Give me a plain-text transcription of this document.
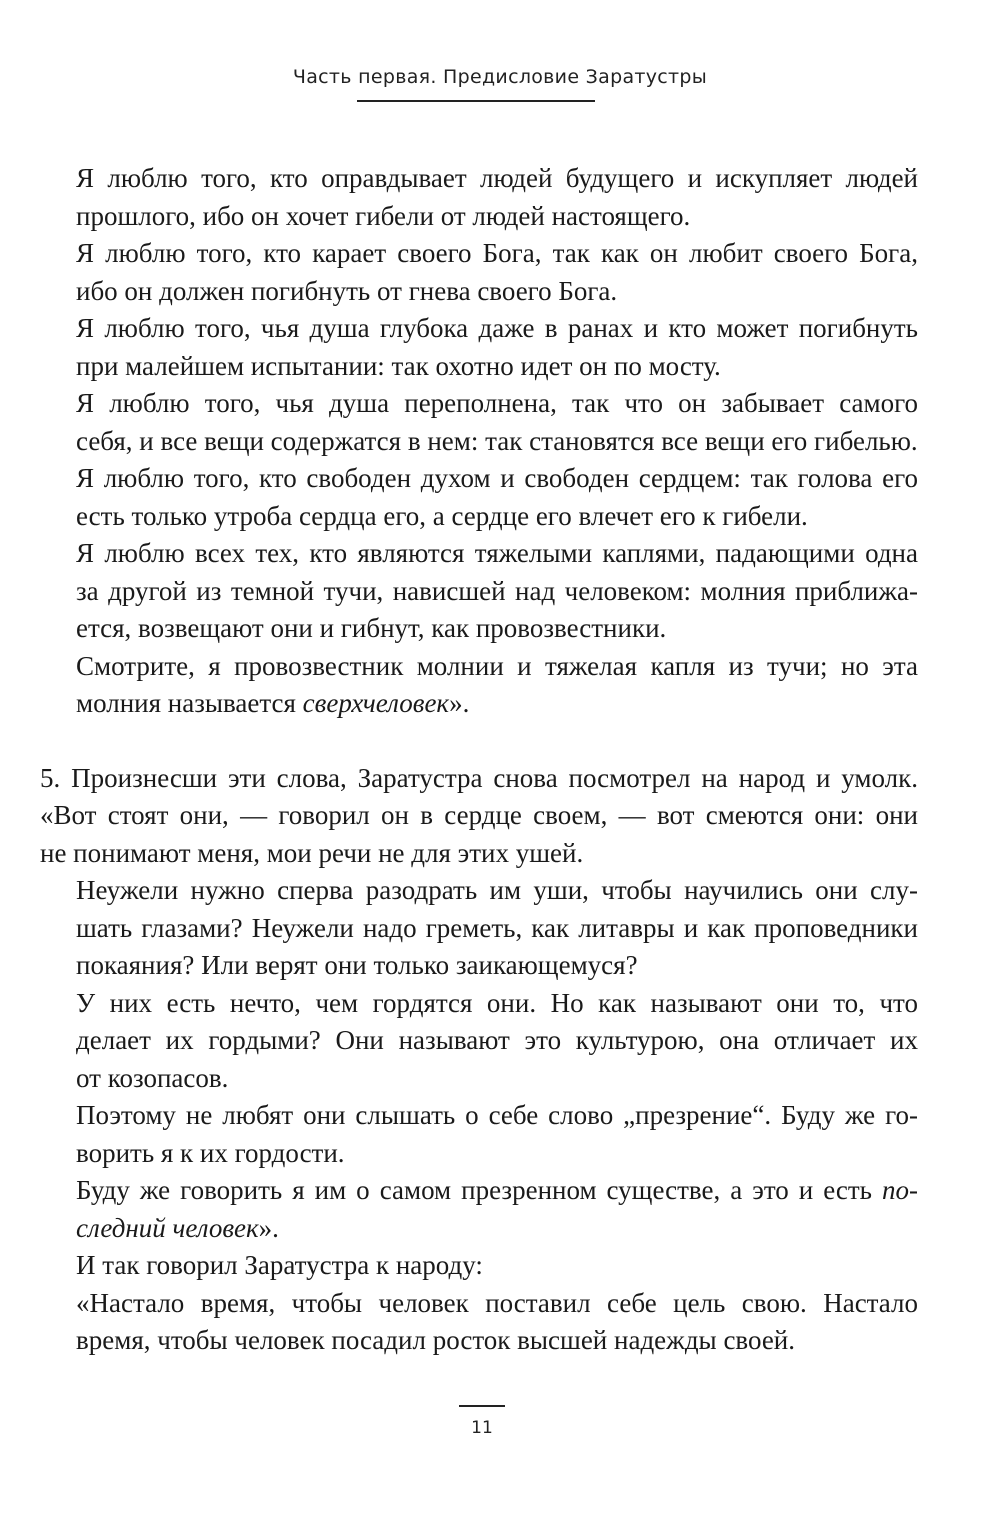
Часть первая. Предисловие Заратустры

Я люблю того, кто оправдывает людей будущего и искупляет людей
прошлого, ибо он хочет гибели от людей настоящего.

Я люблю того, кто карает своего Бога, так как он любит своего Бога,
ибо он должен погибнуть от гнева своего Бога.

Я люблю того, чья душа глубока даже в ранах и кто может погибнуть
при малейшем испытании: так охотно идет он по мосту.

Я люблю того, чья душа переполнена, так что он забывает самого
себя, и все вещи содержатся в нем: так становятся все вещи его гибелью.

Я люблю того, кто свободен духом и свободен сердцем: так голова его
есть только утроба сердца его, а сердце его влечет его к гибели.

Я люблю всех тех, кто являются тяжелыми каплями, падающими одна
за другой из темной тучи, нависшей над человеком: молния приближа-
ется, возвещают они и гибнут, как провозвестники.

Смотрите, я провозвестник молнии и тяжелая капля из тучи; но эта
молния называется сверхчеловек».

5. Произнесши эти слова, Заратустра снова посмотрел на народ и умолк.
«Вот стоят они, — говорил он в сердце своем, — вот смеются они: они
не понимают меня, мои речи не для этих ушей.

Неужели нужно сперва разодрать им уши, чтобы научились они слу-
шать глазами? Неужели надо греметь, как литавры и как проповедники
покаяния? Или верят они только заикающемуся?

У них есть нечто, чем гордятся они. Но как называют они то, что
делает их гордыми? Они называют это культурою, она отличает их
от козопасов.

Поэтому не любят они слышать о себе слово „презрение“. Буду же го-
ворить я к их гордости.

Буду же говорить я им о самом презренном существе, а это и есть по-
следний человек».

И так говорил Заратустра к народу:

«Настало время, чтобы человек поставил себе цель свою. Настало
время, чтобы человек посадил росток высшей надежды своей.

11
